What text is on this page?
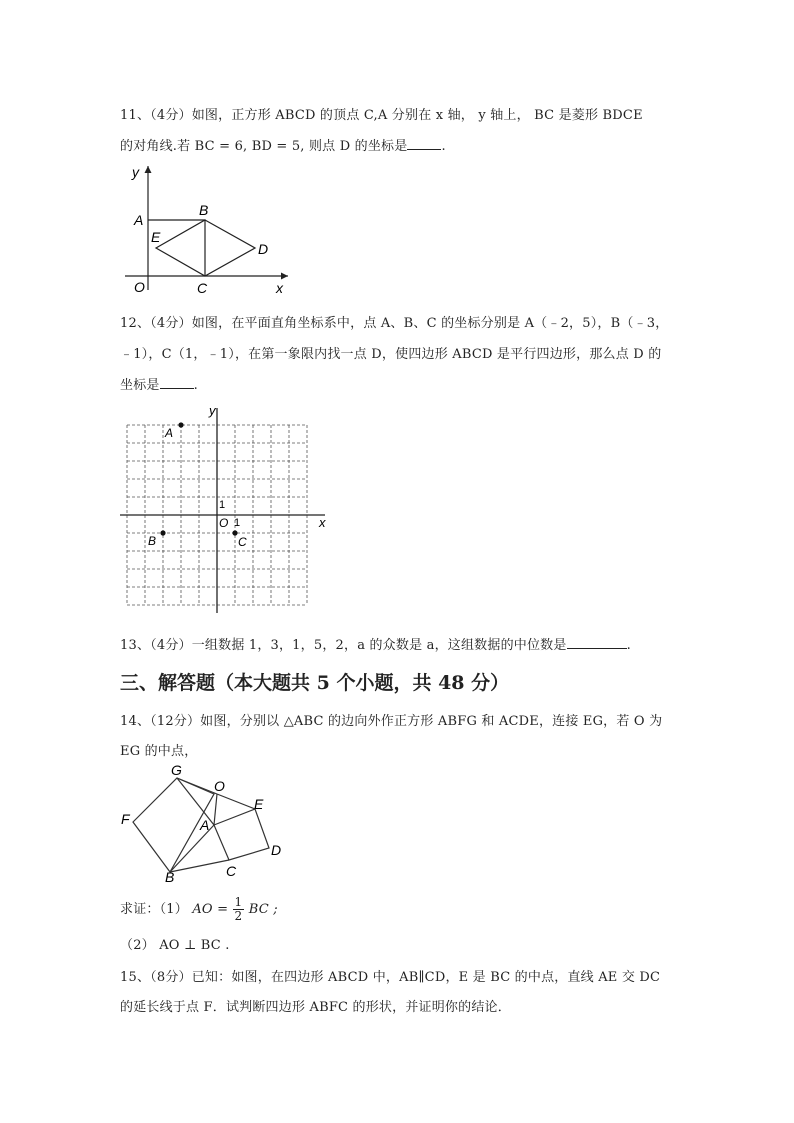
11、（4分）如图，正方形 ABCD 的顶点 C,A 分别在 x 轴， y 轴上， BC 是菱形 BDCE
的对角线.若 BC = 6, BD = 5, 则点 D 的坐标是	.
y
A
B
E
D
O	C	x
12、（4分）如图，在平面直角坐标系中，点 A、B、C 的坐标分别是 A（﹣2，5），B（﹣3，
﹣1），C（1，﹣1），在第一象限内找一点 D，使四边形 ABCD 是平行四边形，那么点 D 的
坐标是	.
y
A
1
O 1	x
B	C
13、（4分）一组数据 1，3，1，5，2，a 的众数是 a，这组数据的中位数是	.
三、解答题（本大题共 5 个小题，共 48 分）
14、（12分）如图，分别以 △ABC 的边向外作正方形 ABFG 和 ACDE，连接 EG，若 O 为
EG 的中点，
G
O
E
F	A
D
B	C
求证：（1） AO = $\frac{1}{2}$ BC ;
（2） AO ⊥ BC .
15、（8分）已知：如图，在四边形 ABCD 中，AB∥CD，E 是 BC 的中点，直线 AE 交 DC
的延长线于点 F．试判断四边形 ABFC 的形状，并证明你的结论．
